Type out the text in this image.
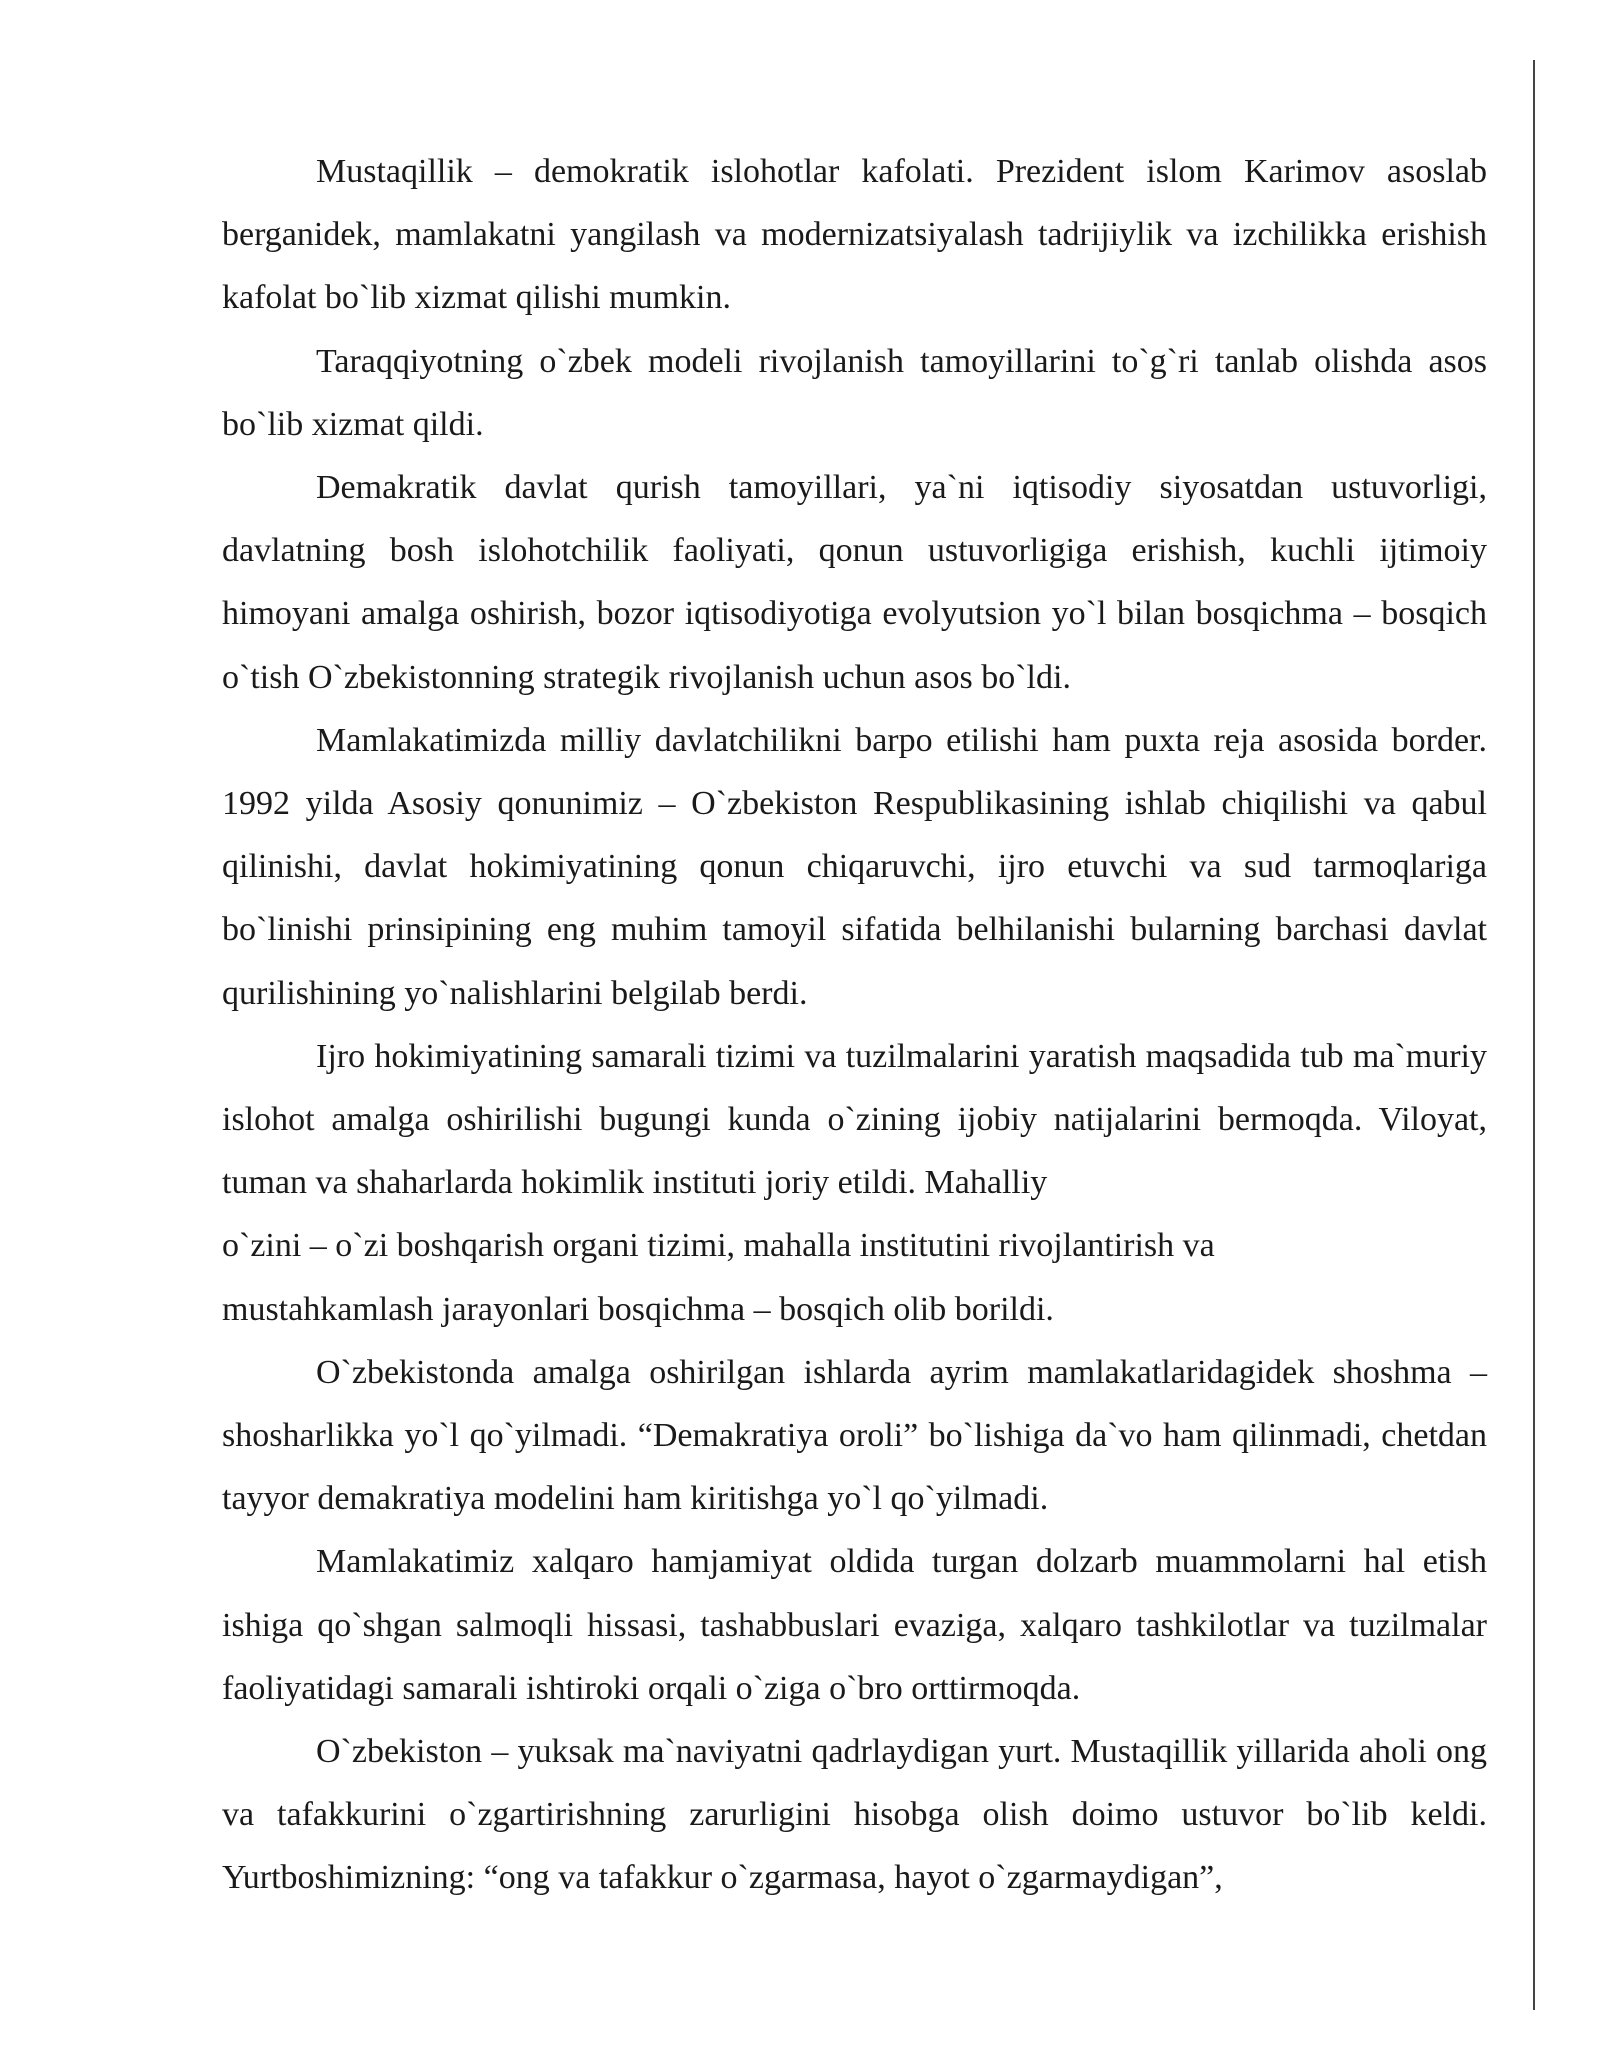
Mustaqillik – demokratik islohotlar kafolati. Prezident islom Karimov asoslab berganidek, mamlakatni yangilash va modernizatsiyalash tadrijiylik va izchilikka erishish kafolat bo`lib xizmat qilishi mumkin.

Taraqqiyotning o`zbek modeli rivojlanish tamoyillarini to`g`ri tanlab olishda asos bo`lib xizmat qildi.

Demakratik davlat qurish tamoyillari, ya`ni iqtisodiy siyosatdan ustuvorligi, davlatning bosh islohotchilik faoliyati, qonun ustuvorligiga erishish, kuchli ijtimoiy himoyani amalga oshirish, bozor iqtisodiyotiga evolyutsion yo`l bilan bosqichma – bosqich o`tish O`zbekistonning strategik rivojlanish uchun asos bo`ldi.

Mamlakatimizda milliy davlatchilikni barpo etilishi ham puxta reja asosida border. 1992 yilda Asosiy qonunimiz – O`zbekiston Respublikasining ishlab chiqilishi va qabul qilinishi, davlat hokimiyatining qonun chiqaruvchi, ijro etuvchi va sud tarmoqlariga bo`linishi prinsipining eng muhim tamoyil sifatida belhilanishi bularning barchasi davlat qurilishining yo`nalishlarini belgilab berdi.

Ijro hokimiyatining samarali tizimi va tuzilmalarini yaratish maqsadida tub ma`muriy islohot amalga oshirilishi bugungi kunda o`zining ijobiy natijalarini bermoqda. Viloyat, tuman va shaharlarda hokimlik instituti joriy etildi. Mahalliy

o`zini – o`zi boshqarish organi tizimi, mahalla institutini rivojlantirish va

mustahkamlash jarayonlari bosqichma – bosqich olib borildi.

O`zbekistonda amalga oshirilgan ishlarda ayrim mamlakatlaridagidek shoshma – shosharlikka yo`l qo`yilmadi. “Demakratiya oroli” bo`lishiga da`vo ham qilinmadi, chetdan tayyor demakratiya modelini ham kiritishga yo`l qo`yilmadi.

Mamlakatimiz xalqaro hamjamiyat oldida turgan dolzarb muammolarni hal etish ishiga qo`shgan salmoqli hissasi, tashabbuslari evaziga, xalqaro tashkilotlar va tuzilmalar faoliyatidagi samarali ishtiroki orqali o`ziga o`bro orttirmoqda.

O`zbekiston – yuksak ma`naviyatni qadrlaydigan yurt. Mustaqillik yillarida aholi ong va tafakkurini o`zgartirishning zarurligini hisobga olish doimo ustuvor bo`lib keldi. Yurtboshimizning: “ong va tafakkur o`zgarmasa, hayot o`zgarmaydigan”,
